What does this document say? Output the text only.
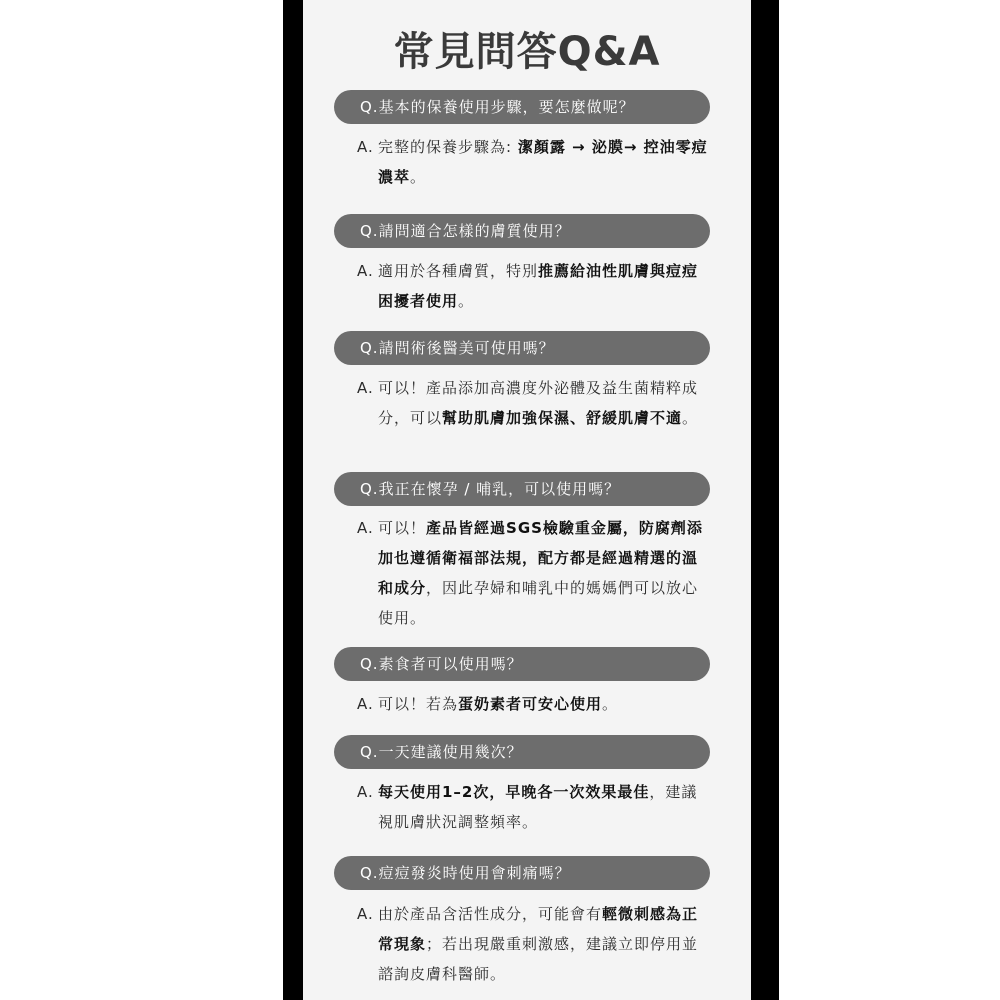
常見問答Q&A
Q.基本的保養使用步驟，要怎麼做呢？
A. 完整的保養步驟為: 潔顏露 → 泌膜→ 控油零痘濃萃。
Q.請問適合怎樣的膚質使用？
A. 適用於各種膚質，特別推薦給油性肌膚與痘痘困擾者使用。
Q.請問術後醫美可使用嗎？
A. 可以！產品添加高濃度外泌體及益生菌精粹成分，可以幫助肌膚加強保濕、舒緩肌膚不適。
Q.我正在懷孕 / 哺乳，可以使用嗎？
A. 可以！產品皆經過SGS檢驗重金屬，防腐劑添加也遵循衛福部法規，配方都是經過精選的溫和成分，因此孕婦和哺乳中的媽媽們可以放心使用。
Q.素食者可以使用嗎？
A. 可以！若為蛋奶素者可安心使用。
Q.一天建議使用幾次？
A. 每天使用1–2次，早晚各一次效果最佳，建議視肌膚狀況調整頻率。
Q.痘痘發炎時使用會刺痛嗎？
A. 由於產品含活性成分，可能會有輕微刺感為正常現象；若出現嚴重刺激感，建議立即停用並諮詢皮膚科醫師。
